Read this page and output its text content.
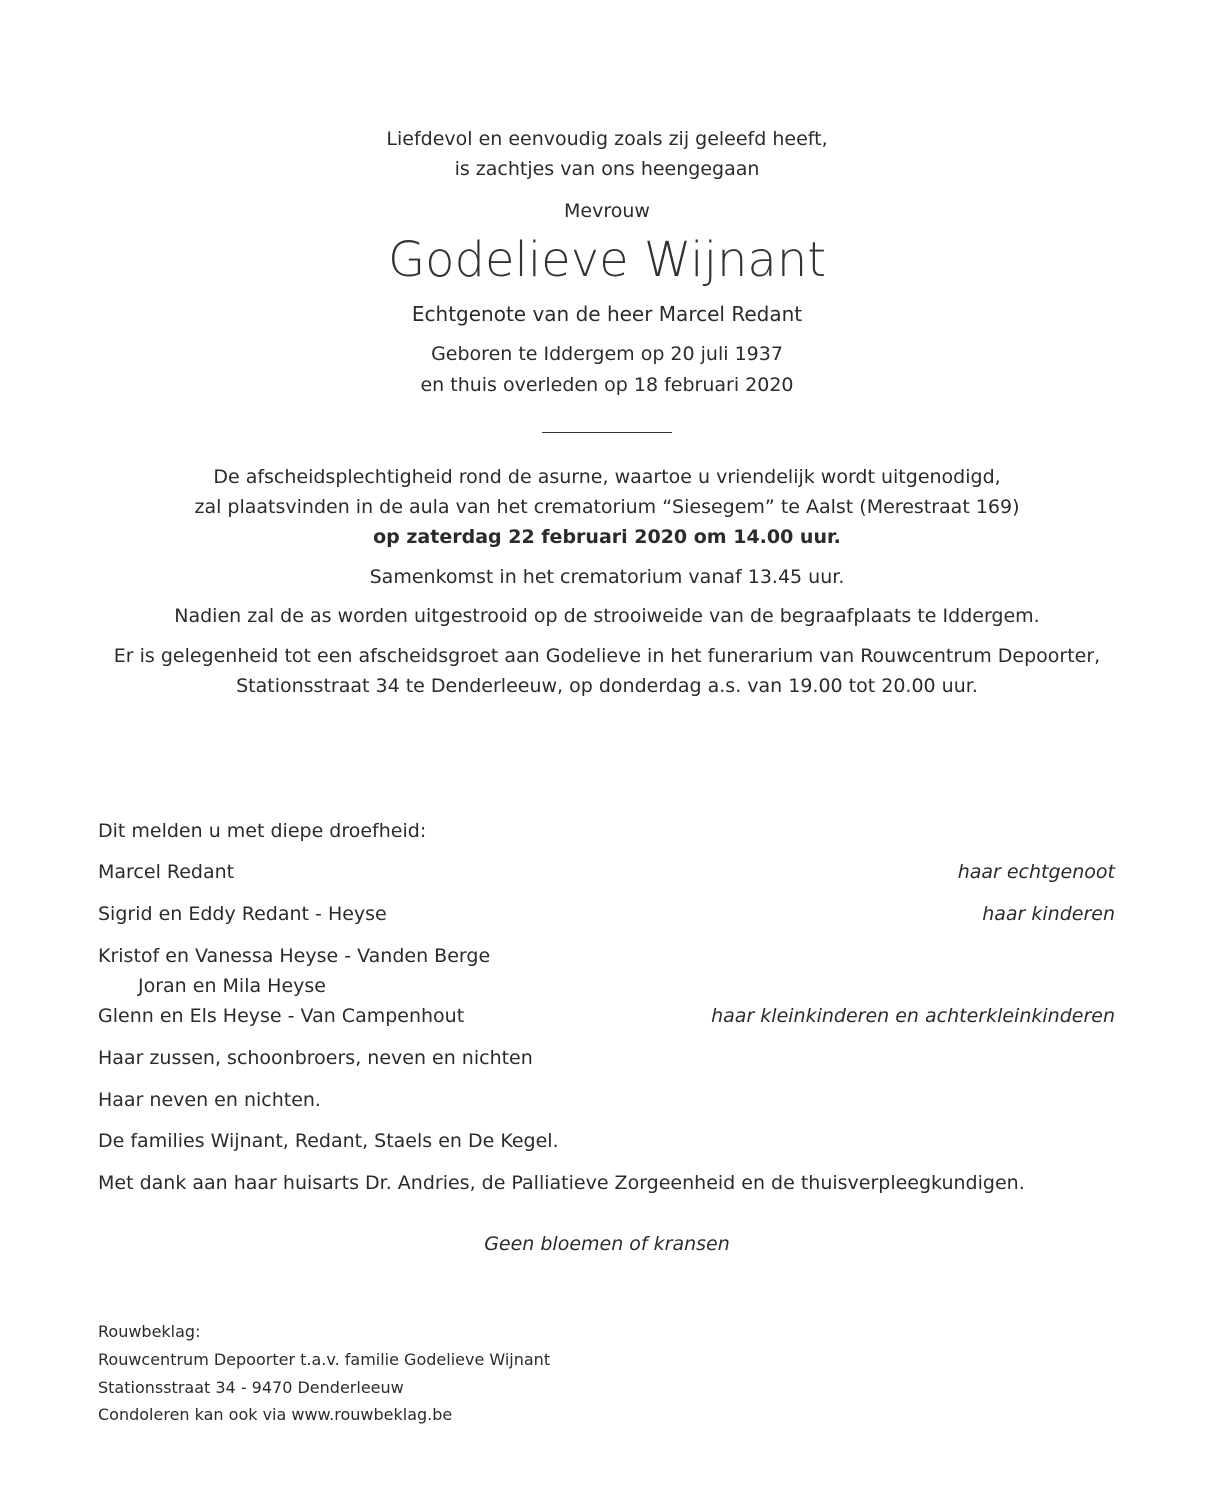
Liefdevol en eenvoudig zoals zij geleefd heeft,
is zachtjes van ons heengegaan
Mevrouw
Godelieve Wijnant
Echtgenote van de heer Marcel Redant
Geboren te Iddergem op 20 juli 1937
en thuis overleden op 18 februari 2020
De afscheidsplechtigheid rond de asurne, waartoe u vriendelijk wordt uitgenodigd,
zal plaatsvinden in de aula van het crematorium “Siesegem” te Aalst (Merestraat 169)
op zaterdag 22 februari 2020 om 14.00 uur.
Samenkomst in het crematorium vanaf 13.45 uur.
Nadien zal de as worden uitgestrooid op de strooiweide van de begraafplaats te Iddergem.
Er is gelegenheid tot een afscheidsgroet aan Godelieve in het funerarium van Rouwcentrum Depoorter,
Stationsstraat 34 te Denderleeuw, op donderdag a.s. van 19.00 tot 20.00 uur.
Dit melden u met diepe droefheid:
Marcel Redant	haar echtgenoot
Sigrid en Eddy Redant - Heyse	haar kinderen
Kristof en Vanessa Heyse - Vanden Berge
Joran en Mila Heyse
Glenn en Els Heyse - Van Campenhout	haar kleinkinderen en achterkleinkinderen
Haar zussen, schoonbroers, neven en nichten
Haar neven en nichten.
De families Wijnant, Redant, Staels en De Kegel.
Met dank aan haar huisarts Dr. Andries, de Palliatieve Zorgeenheid en de thuisverpleegkundigen.
Geen bloemen of kransen
Rouwbeklag:
Rouwcentrum Depoorter t.a.v. familie Godelieve Wijnant
Stationsstraat 34 - 9470 Denderleeuw
Condoleren kan ook via www.rouwbeklag.be
